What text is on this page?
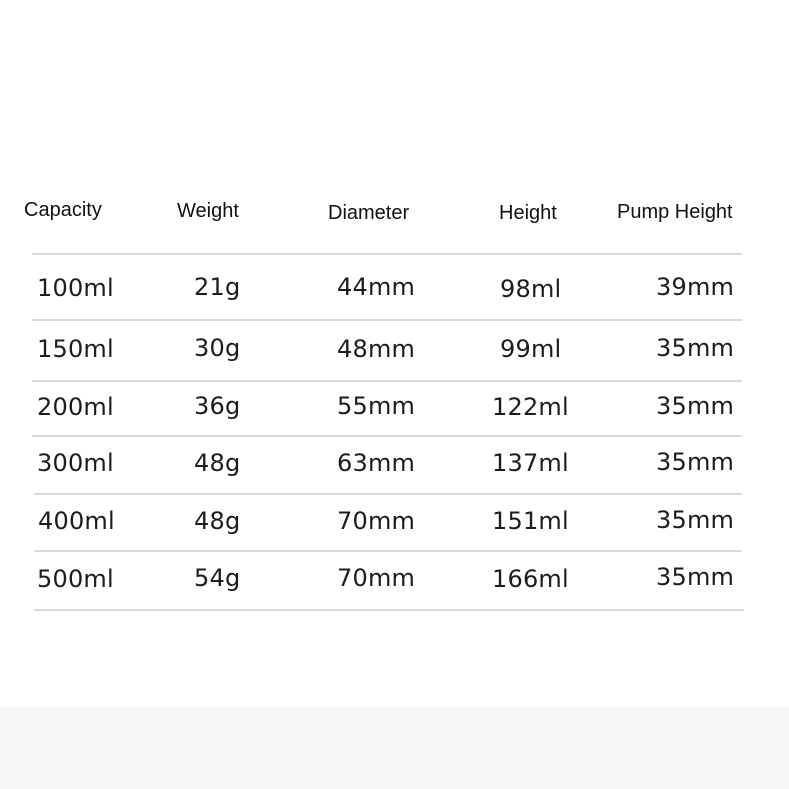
Capacity	Weight	Diameter	Height	Pump Height
100ml	21g	44mm	98ml	39mm
150ml	30g	48mm	99ml	35mm
200ml	36g	55mm	122ml	35mm
300ml	48g	63mm	137ml	35mm
400ml	48g	70mm	151ml	35mm
500ml	54g	70mm	166ml	35mm
